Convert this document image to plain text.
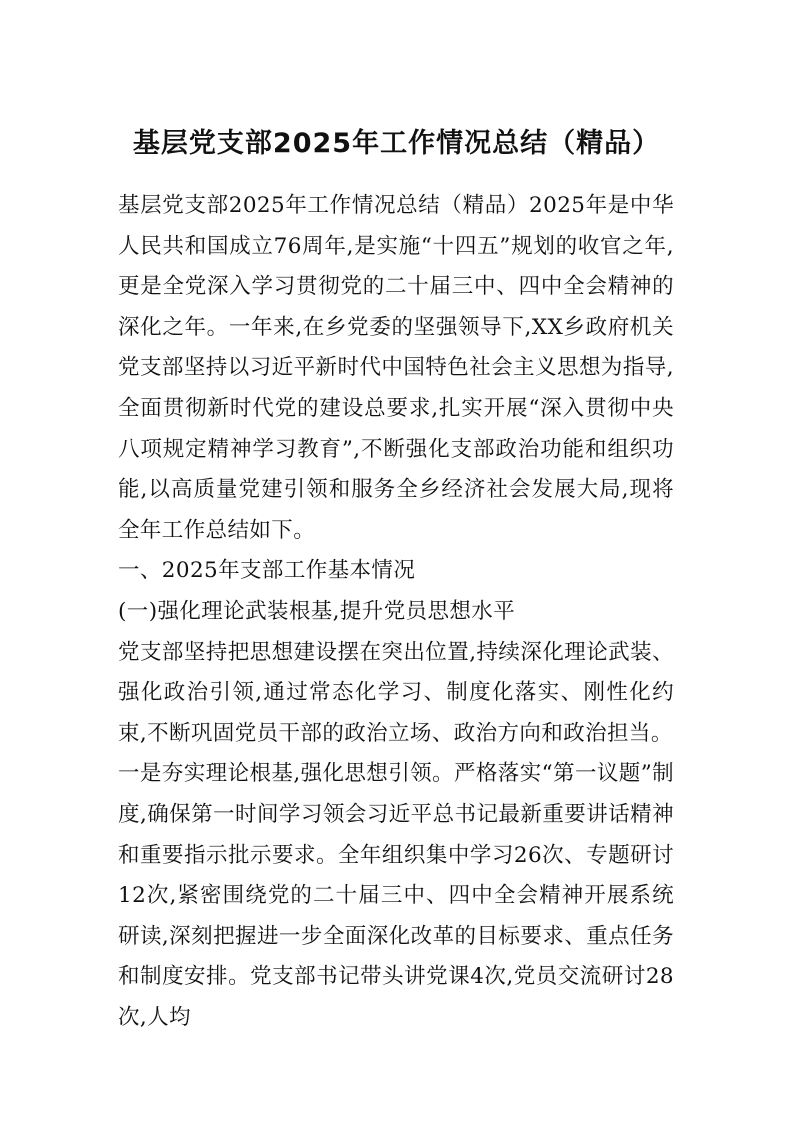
基层党支部2025年工作情况总结（精品）

基层党支部2025年工作情况总结（精品）2025年是中华人民共和国成立76周年,是实施“十四五”规划的收官之年,更是全党深入学习贯彻党的二十届三中、四中全会精神的深化之年。一年来,在乡党委的坚强领导下,XX乡政府机关党支部坚持以习近平新时代中国特色社会主义思想为指导,全面贯彻新时代党的建设总要求,扎实开展“深入贯彻中央八项规定精神学习教育”,不断强化支部政治功能和组织功能,以高质量党建引领和服务全乡经济社会发展大局,现将全年工作总结如下。

一、2025年支部工作基本情况

(一)强化理论武装根基,提升党员思想水平

党支部坚持把思想建设摆在突出位置,持续深化理论武装、强化政治引领,通过常态化学习、制度化落实、刚性化约束,不断巩固党员干部的政治立场、政治方向和政治担当。

一是夯实理论根基,强化思想引领。严格落实“第一议题”制度,确保第一时间学习领会习近平总书记最新重要讲话精神和重要指示批示要求。全年组织集中学习26次、专题研讨12次,紧密围绕党的二十届三中、四中全会精神开展系统研读,深刻把握进一步全面深化改革的目标要求、重点任务和制度安排。党支部书记带头讲党课4次,党员交流研讨28次,人均
